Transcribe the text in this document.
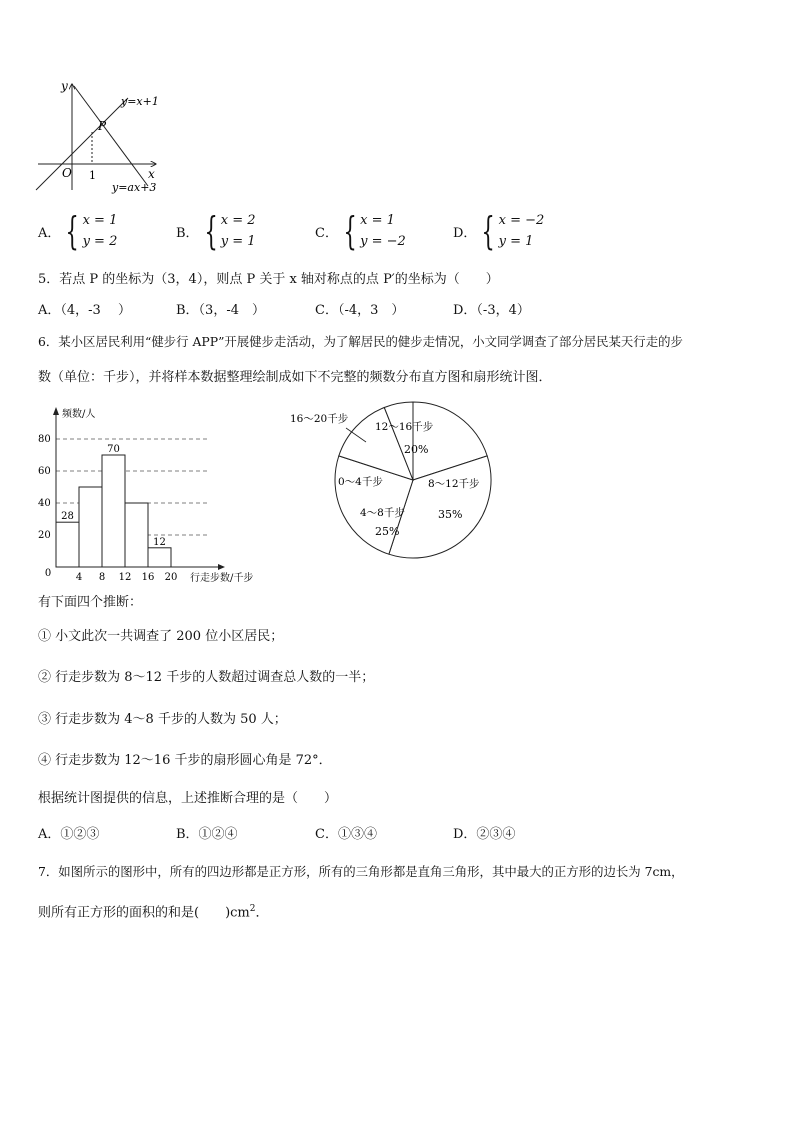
y
x
O 1
P
y=x+1
y=ax+3
A． { x = 1
y = 2
B． { x = 2
y = 1
C． { x = 1
y = −2
D． { x = −2
y = 1
5．若点 P 的坐标为（3，4），则点 P 关于 x 轴对称点的点 P′的坐标为（　　）
A．（4，-3　 ）	B．（3，-4　）	C．（-4，3　）	D．（-3，4）
6．某小区居民利用“健步行 APP”开展健步走活动，为了解居民的健步走情况，小文同学调查了部分居民某天行走的步
数（单位：千步），并将样本数据整理绘制成如下不完整的频数分布直方图和扇形统计图．
28
70
12
20
40
60
80
0 4 8 12 16 20
频数/人
行走步数/千步
16～20千步
12～16千步
20%
8～12千步
35%
0～4千步
4～8千步
25%
有下面四个推断：
① 小文此次一共调查了 200 位小区居民；
② 行走步数为 8～12 千步的人数超过调查总人数的一半；
③ 行走步数为 4～8 千步的人数为 50 人；
④ 行走步数为 12～16 千步的扇形圆心角是 72°．
根据统计图提供的信息，上述推断合理的是（　　）
A．①②③	B．①②④	C．①③④	D．②③④
7．如图所示的图形中，所有的四边形都是正方形，所有的三角形都是直角三角形，其中最大的正方形的边长为 7cm，
则所有正方形的面积的和是(　　)$cm^2$．
